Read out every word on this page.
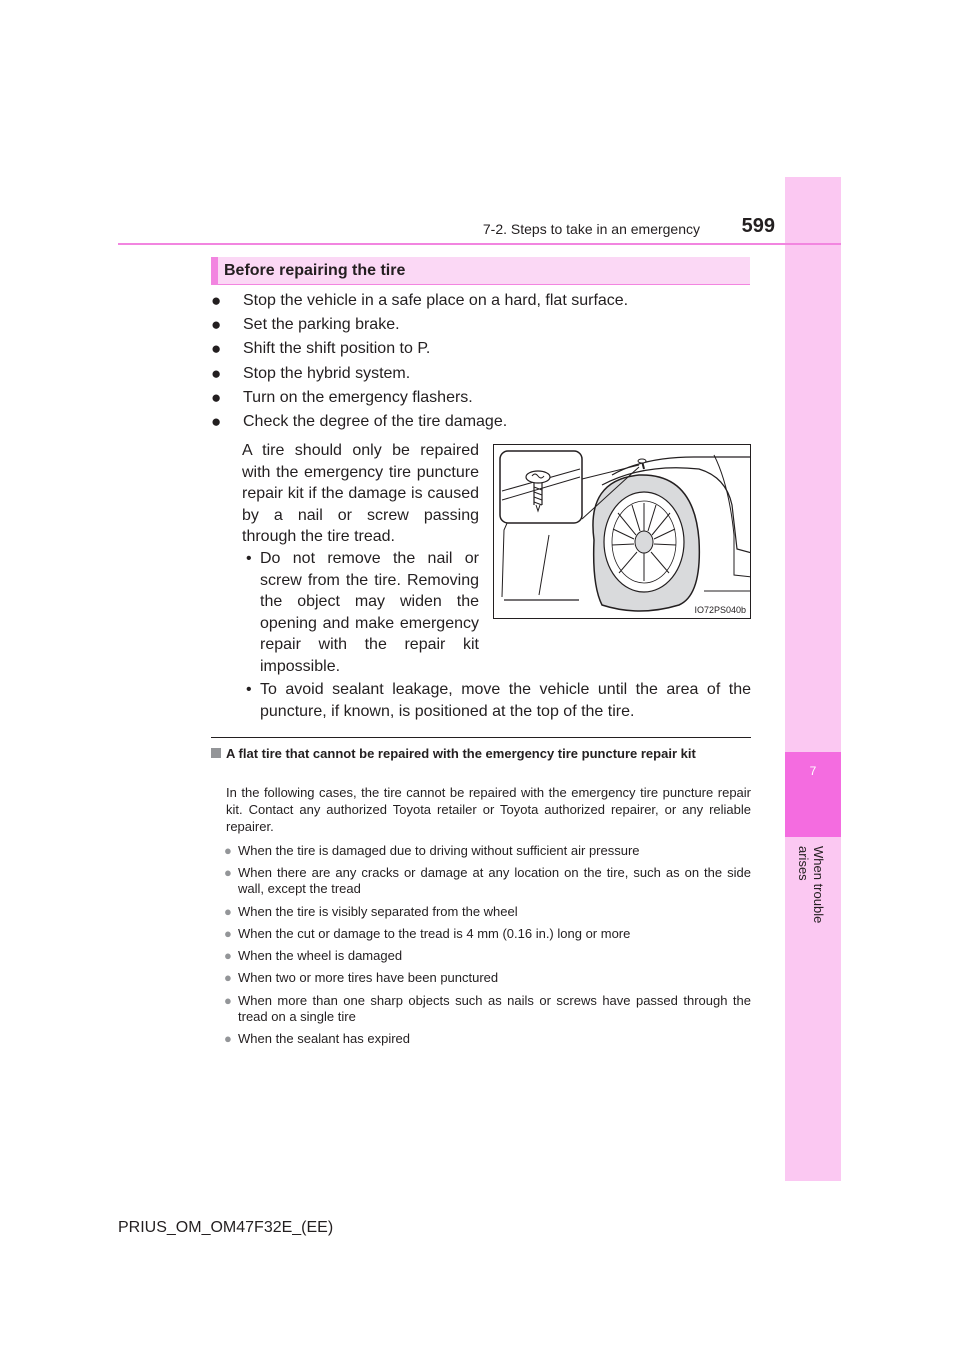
7
When trouble arises
7-2. Steps to take in an emergency	599
Before repairing the tire
● Stop the vehicle in a safe place on a hard, flat surface.
● Set the parking brake.
● Shift the shift position to P.
● Stop the hybrid system.
● Turn on the emergency flashers.
● Check the degree of the tire damage.

A tire should only be repaired with the emergency tire puncture repair kit if the damage is caused by a nail or screw passing through the tire tread.

• Do not remove the nail or screw from the tire. Removing the object may widen the opening and make emergency repair with the repair kit impossible.
• To avoid sealant leakage, move the vehicle until the area of the puncture, if known, is positioned at the top of the tire.
IO72PS040b
A flat tire that cannot be repaired with the emergency tire puncture repair kit

In the following cases, the tire cannot be repaired with the emergency tire puncture repair kit. Contact any authorized Toyota retailer or Toyota authorized repairer, or any reliable repairer.

● When the tire is damaged due to driving without sufficient air pressure
● When there are any cracks or damage at any location on the tire, such as on the side wall, except the tread
● When the tire is visibly separated from the wheel
● When the cut or damage to the tread is 4 mm (0.16 in.) long or more
● When the wheel is damaged
● When two or more tires have been punctured
● When more than one sharp objects such as nails or screws have passed through the tread on a single tire
● When the sealant has expired
PRIUS_OM_OM47F32E_(EE)
